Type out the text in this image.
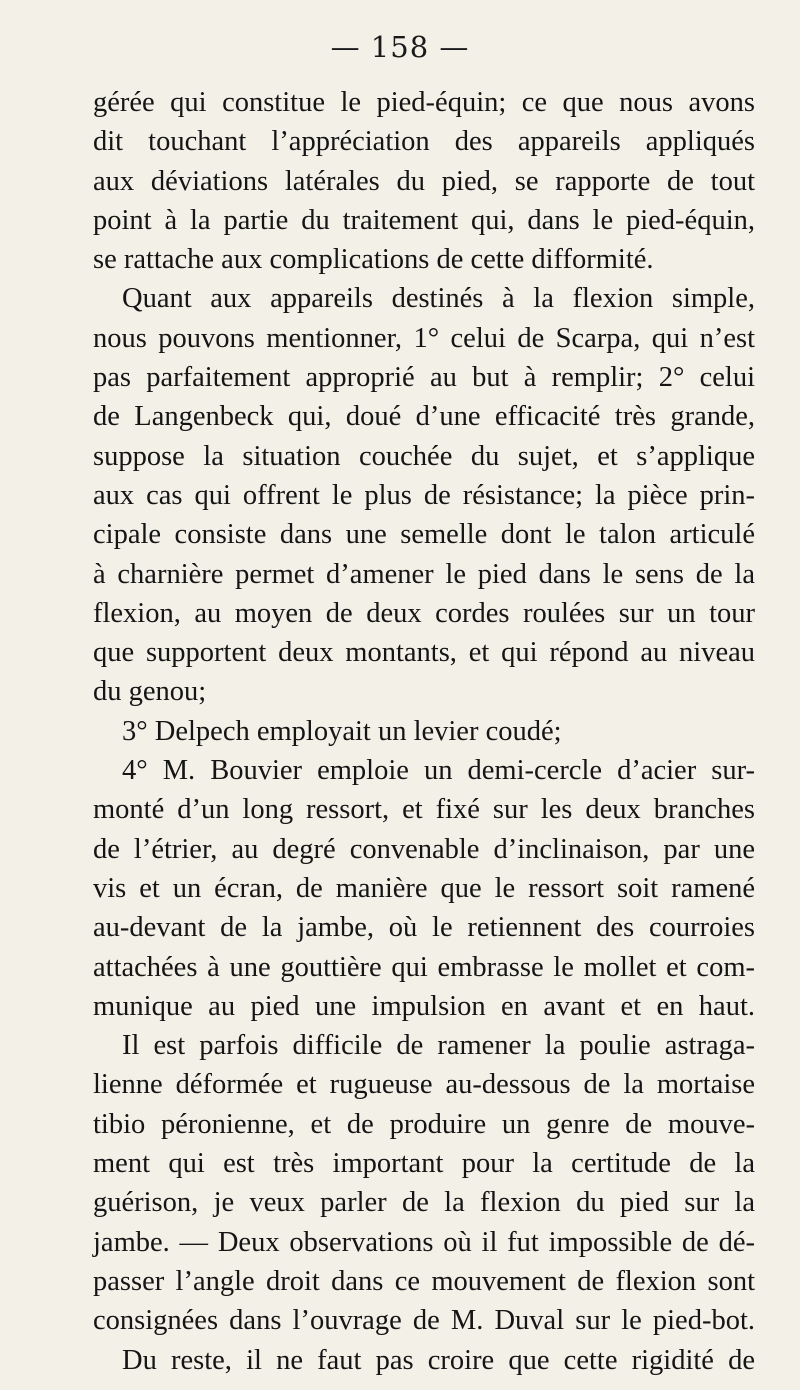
— 158 —
gérée qui constitue le pied-équin; ce que nous avons
dit touchant l’appréciation des appareils appliqués
aux déviations latérales du pied, se rapporte de tout
point à la partie du traitement qui, dans le pied-équin,
se rattache aux complications de cette difformité.
Quant aux appareils destinés à la flexion simple,
nous pouvons mentionner, 1° celui de Scarpa, qui n’est
pas parfaitement approprié au but à remplir; 2° celui
de Langenbeck qui, doué d’une efficacité très grande,
suppose la situation couchée du sujet, et s’applique
aux cas qui offrent le plus de résistance; la pièce prin-
cipale consiste dans une semelle dont le talon articulé
à charnière permet d’amener le pied dans le sens de la
flexion, au moyen de deux cordes roulées sur un tour
que supportent deux montants, et qui répond au niveau
du genou;
3° Delpech employait un levier coudé;
4° M. Bouvier emploie un demi-cercle d’acier sur-
monté d’un long ressort, et fixé sur les deux branches
de l’étrier, au degré convenable d’inclinaison, par une
vis et un écran, de manière que le ressort soit ramené
au-devant de la jambe, où le retiennent des courroies
attachées à une gouttière qui embrasse le mollet et com-
munique au pied une impulsion en avant et en haut.
Il est parfois difficile de ramener la poulie astraga-
lienne déformée et rugueuse au-dessous de la mortaise
tibio péronienne, et de produire un genre de mouve-
ment qui est très important pour la certitude de la
guérison, je veux parler de la flexion du pied sur la
jambe. — Deux observations où il fut impossible de dé-
passer l’angle droit dans ce mouvement de flexion sont
consignées dans l’ouvrage de M. Duval sur le pied-bot.
Du reste, il ne faut pas croire que cette rigidité de
